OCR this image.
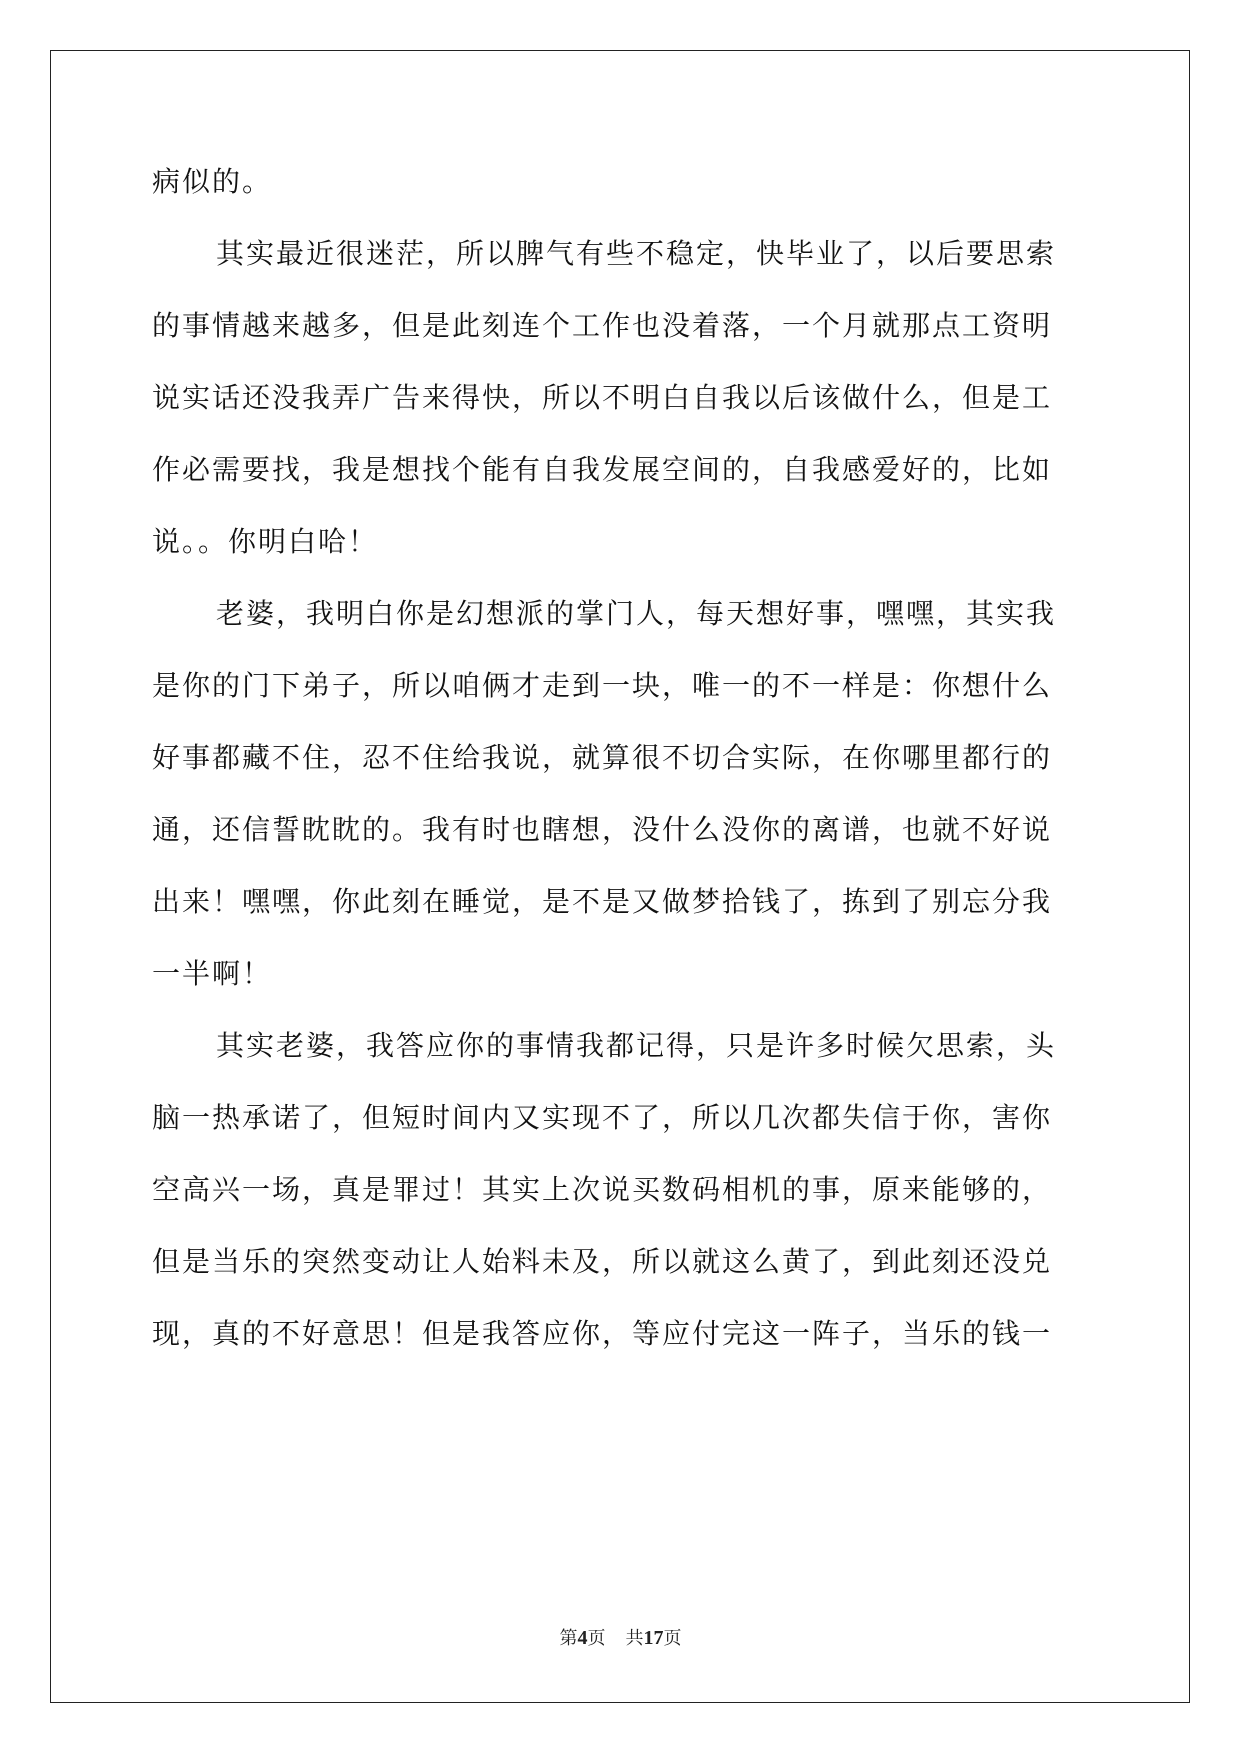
病似的。
其实最近很迷茫，所以脾气有些不稳定，快毕业了，以后要思索
的事情越来越多，但是此刻连个工作也没着落，一个月就那点工资明
说实话还没我弄广告来得快，所以不明白自我以后该做什么，但是工
作必需要找，我是想找个能有自我发展空间的，自我感爱好的，比如
说。。你明白哈！
老婆，我明白你是幻想派的掌门人，每天想好事，嘿嘿，其实我
是你的门下弟子，所以咱俩才走到一块，唯一的不一样是：你想什么
好事都藏不住，忍不住给我说，就算很不切合实际，在你哪里都行的
通，还信誓眈眈的。我有时也瞎想，没什么没你的离谱，也就不好说
出来！嘿嘿，你此刻在睡觉，是不是又做梦拾钱了，拣到了别忘分我
一半啊！
其实老婆，我答应你的事情我都记得，只是许多时候欠思索，头
脑一热承诺了，但短时间内又实现不了，所以几次都失信于你，害你
空高兴一场，真是罪过！其实上次说买数码相机的事，原来能够的，
但是当乐的突然变动让人始料未及，所以就这么黄了，到此刻还没兑
现，真的不好意思！但是我答应你，等应付完这一阵子，当乐的钱一
第4页 共17页
